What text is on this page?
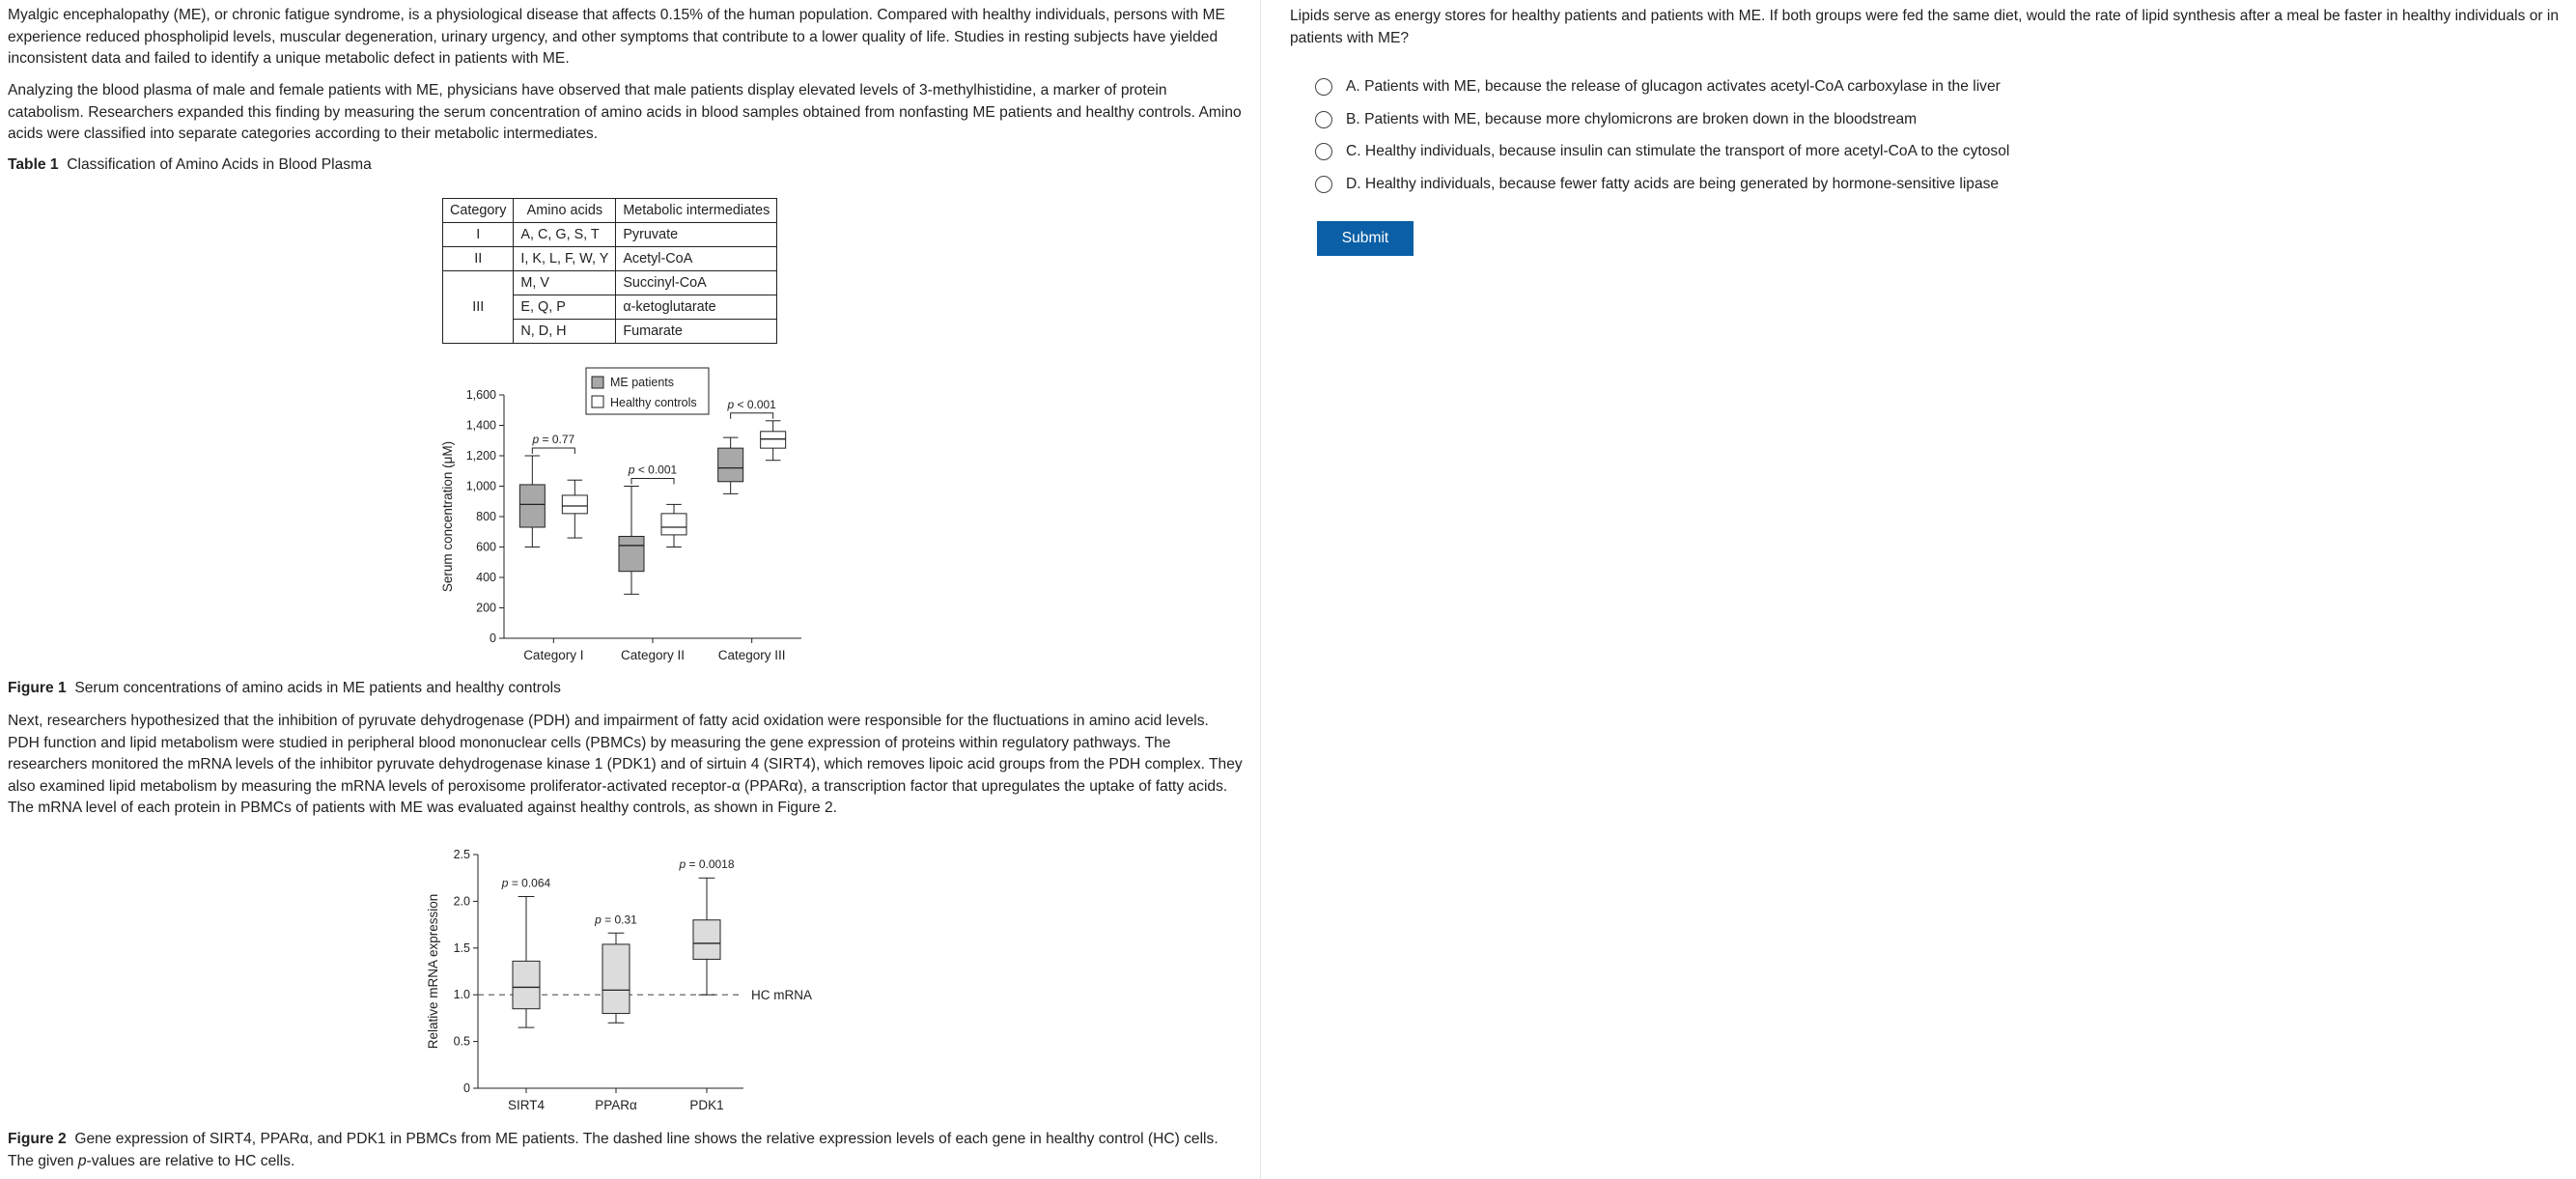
Myalgic encephalopathy (ME), or chronic fatigue syndrome, is a physiological disease that affects 0.15% of the human population. Compared with healthy individuals, persons with ME experience reduced phospholipid levels, muscular degeneration, urinary urgency, and other symptoms that contribute to a lower quality of life. Studies in resting subjects have yielded inconsistent data and failed to identify a unique metabolic defect in patients with ME.

Analyzing the blood plasma of male and female patients with ME, physicians have observed that male patients display elevated levels of 3-methylhistidine, a marker of protein catabolism. Researchers expanded this finding by measuring the serum concentration of amino acids in blood samples obtained from nonfasting ME patients and healthy controls. Amino acids were classified into separate categories according to their metabolic intermediates.

Table 1 Classification of Amino Acids in Blood Plasma

Category	Amino acids	Metabolic intermediates
I	A, C, G, S, T	Pyruvate
II	I, K, L, F, W, Y	Acetyl-CoA
III	M, V	Succinyl-CoA
	E, Q, P	α-ketoglutarate
	N, D, H	Fumarate
0
200
400
600
800
1,000
1,200
1,400
1,600
Serum concentration (μM)
Category I
p = 0.77
Category II
p < 0.001
Category III
p < 0.001
ME patients
Healthy controls

Figure 1 Serum concentrations of amino acids in ME patients and healthy controls

Next, researchers hypothesized that the inhibition of pyruvate dehydrogenase (PDH) and impairment of fatty acid oxidation were responsible for the fluctuations in amino acid levels. PDH function and lipid metabolism were studied in peripheral blood mononuclear cells (PBMCs) by measuring the gene expression of proteins within regulatory pathways. The researchers monitored the mRNA levels of the inhibitor pyruvate dehydrogenase kinase 1 (PDK1) and of sirtuin 4 (SIRT4), which removes lipoic acid groups from the PDH complex. They also examined lipid metabolism by measuring the mRNA levels of peroxisome proliferator-activated receptor-α (PPARα), a transcription factor that upregulates the uptake of fatty acids. The mRNA level of each protein in PBMCs of patients with ME was evaluated against healthy controls, as shown in Figure 2.

0
0.5
1.0
1.5
2.0
2.5
Relative mRNA expression	HC mRNA
SIRT4
p = 0.064
PPARα
p = 0.31
PDK1
p = 0.0018

Figure 2 Gene expression of SIRT4, PPARα, and PDK1 in PBMCs from ME patients. The dashed line shows the relative expression levels of each gene in healthy control (HC) cells. The given p-values are relative to HC cells.

Lipids serve as energy stores for healthy patients and patients with ME. If both groups were fed the same diet, would the rate of lipid synthesis after a meal be faster in healthy individuals or in patients with ME?

A. Patients with ME, because the release of glucagon activates acetyl-CoA carboxylase in the liver
B. Patients with ME, because more chylomicrons are broken down in the bloodstream
C. Healthy individuals, because insulin can stimulate the transport of more acetyl-CoA to the cytosol
D. Healthy individuals, because fewer fatty acids are being generated by hormone-sensitive lipase
Submit
